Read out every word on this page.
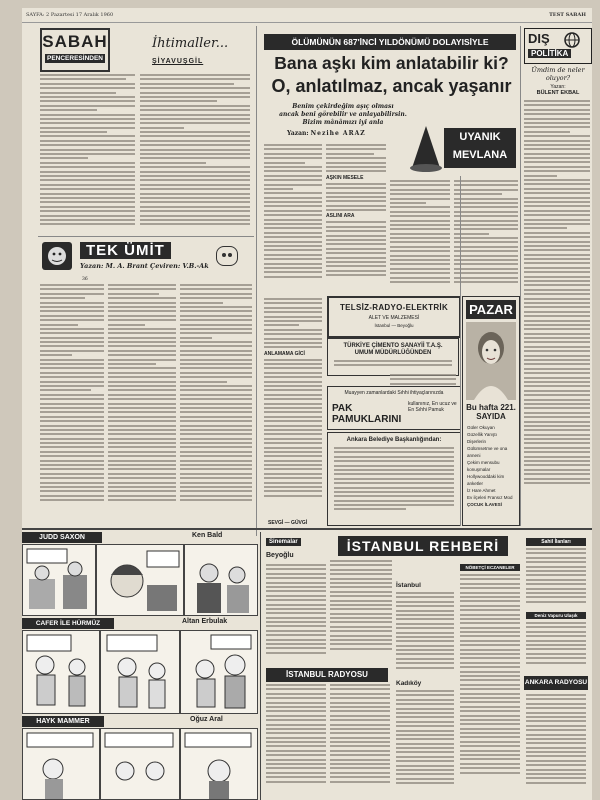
SAYFA: 2 Pazartesi 17 Aralık 1960	TEST SABAH
SABAH
PENCERESİNDEN
İhtimaller...
ŞİYAVUŞGİL
TEK ÜMİT
Yazan: M. A. Brant Çeviren: V.B.-Ak
36
ÖLÜMÜNÜN 687'İNCİ YILDÖNÜMÜ DOLAYISİYLE
Bana aşkı kim anlatabilir ki?
O, anlatılmaz, ancak yaşanır
Benim çekirdeğim aşıç olması
ancak beni görebilir ve anlayabilirsin.
Bizim mânâmızı iyi anla
Yazan: Nezihe ARAZ	UYANIK
MEVLANA
AŞKIN MESELE
ASLINI ARA
TELSİZ-RADYO-ELEKTRİK
ALET VE MALZEMESİ
İstanbul — Beyoğlu
ANLAMAMA GİCİ
SEVGİ — GÜVGİ
TÜRKİYE ÇİMENTO SANAYİİ T.A.Ş.
UMUM MÜDÜRLÜĞÜNDEN
Muayyen zamanlardaki Sıhhi ihtiyaçlarınızda
PAK PAMUKLARINI
kullanınız, En ucuz ve En Sıhhi Pamuk
Ankara Belediye Başkanlığından:
DIŞ
POLİTİKA
Ümdim de neler oluyor?
Yazan:
BÜLENT EKBAL
PAZAR
Bu hafta 221.
SAYIDA
Güler Okuyan
Güzellik Yarıştı Dişerlerin
Gülümsetme ve ona anneni
Çekim mensubu konuşmalar
Hollywooddaki kim anketler
İz Hare Ahmet
Ev ilçeleri Fransız Mod
ÇOCUK İLAVESİ
JUDD SAXON	Ken Bald
CAFER İLE HÜRMÜZ	Altan Erbulak
HAYK MAMMER	Oğuz Aral
Sinemalar
Beyoğlu
İSTANBUL REHBERİ
İstanbul
Kadıköy
NÖBETÇİ ECZANELER
Sahil İlanları
Deniz Vapuru Ulaşık
İSTANBUL RADYOSU
ANKARA RADYOSU
